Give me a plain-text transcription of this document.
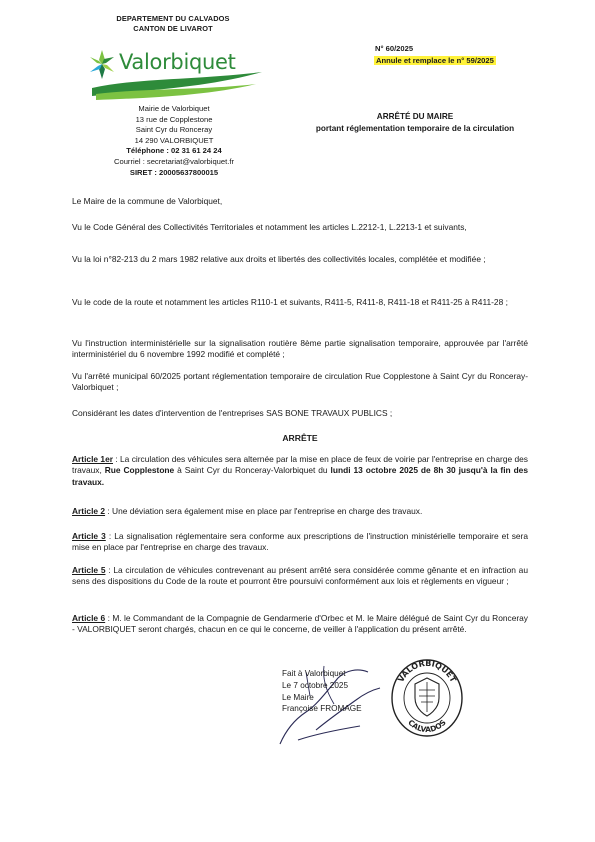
DEPARTEMENT DU CALVADOS
CANTON DE LIVAROT
Valorbiquet
Mairie de Valorbiquet
13 rue de Copplestone
Saint Cyr du Ronceray
14 290 VALORBIQUET
Téléphone : 02 31 61 24 24
Courriel : secretariat@valorbiquet.fr
SIRET : 20005637800015
N° 60/2025
Annule et remplace le n° 59/2025
ARRÊTÉ DU MAIRE
portant réglementation temporaire de la circulation

Le Maire de la commune de Valorbiquet,

Vu le Code Général des Collectivités Territoriales et notamment les articles L.2212-1, L.2213-1 et suivants,

Vu la loi n°82-213 du 2 mars 1982 relative aux droits et libertés des collectivités locales, complétée et modifiée ;

Vu le code de la route et notamment les articles R110-1 et suivants, R411-5, R411-8, R411-18 et R411-25 à R411-28 ;

Vu l'instruction interministérielle sur la signalisation routière 8ème partie signalisation temporaire, approuvée par l'arrêté interministériel du 6 novembre 1992 modifié et complété ;

Vu l'arrêté municipal 60/2025 portant réglementation temporaire de circulation Rue Copplestone à Saint Cyr du Ronceray-Valorbiquet ;

Considérant les dates d'intervention de l'entreprises SAS BONE TRAVAUX PUBLICS ;

ARRÊTE

Article 1er : La circulation des véhicules sera alternée par la mise en place de feux de voirie par l'entreprise en charge des travaux, Rue Copplestone à Saint Cyr du Ronceray-Valorbiquet du lundi 13 octobre 2025 de 8h 30 jusqu'à la fin des travaux.

Article 2 : Une déviation sera également mise en place par l'entreprise en charge des travaux.

Article 3 : La signalisation réglementaire sera conforme aux prescriptions de l'instruction ministérielle temporaire et sera mise en place par l'entreprise en charge des travaux.

Article 5 : La circulation de véhicules contrevenant au présent arrêté sera considérée comme gênante et en infraction au sens des dispositions du Code de la route et pourront être poursuivi conformément aux lois et règlements en vigueur ;

Article 6 : M. le Commandant de la Compagnie de Gendarmerie d'Orbec et M. le Maire délégué de Saint Cyr du Ronceray - VALORBIQUET seront chargés, chacun en ce qui le concerne, de veiller à l'application du présent arrêté.

Fait à Valorbiquet
Le 7 octobre 2025
Le Maire
Françoise FROMAGE
VALORBIQUET
CALVADOS
